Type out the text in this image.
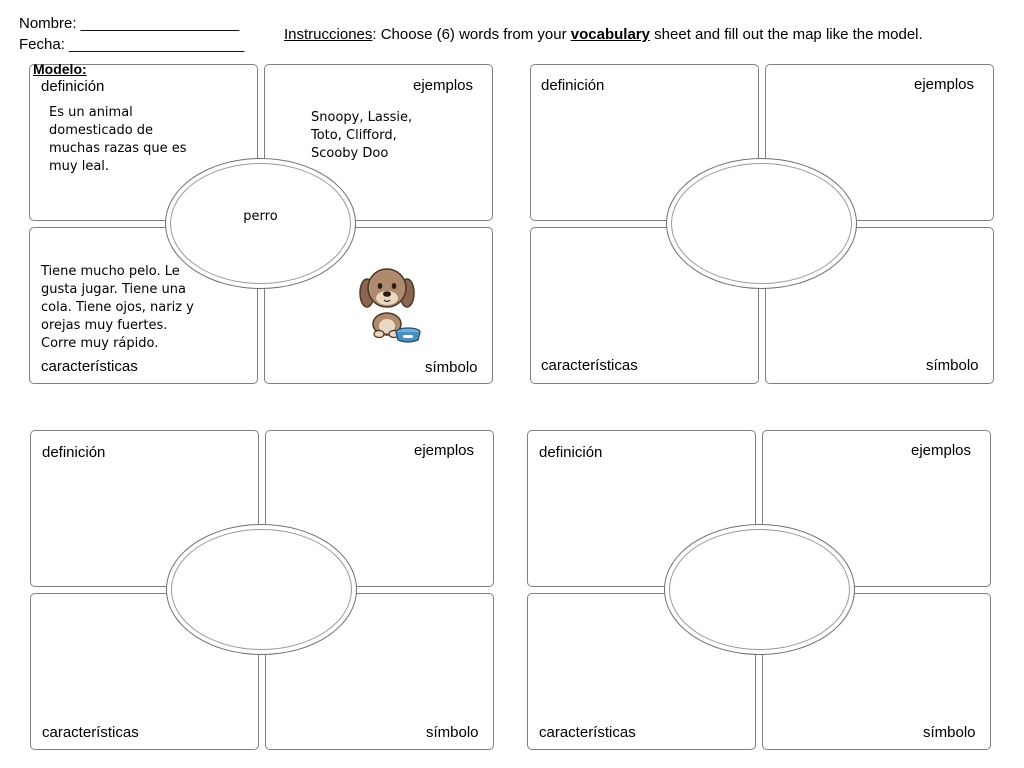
Nombre: ___________________
Fecha: _____________________
Instrucciones: Choose (6) words from your vocabulary sheet and fill out the map like the model.
Modelo:
definición	ejemplos
características	símbolo
Es un animal
domesticado de
muchas razas que es
muy leal.
Snoopy, Lassie,
Toto, Clifford,
Scooby Doo
Tiene mucho pelo. Le
gusta jugar. Tiene una
cola. Tiene ojos, nariz y
orejas muy fuertes.
Corre muy rápido.
perro
definición	ejemplos
características	símbolo
definición	ejemplos
características	símbolo
definición	ejemplos
características	símbolo
